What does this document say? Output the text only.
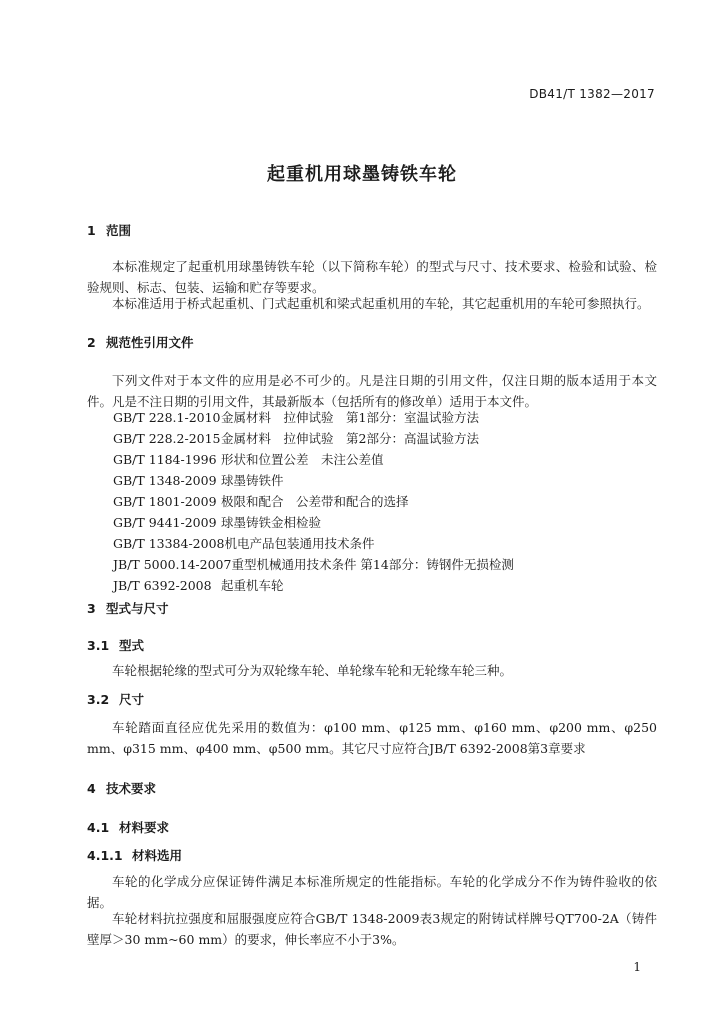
DB41/T 1382—2017
起重机用球墨铸铁车轮
1 范围
本标准规定了起重机用球墨铸铁车轮（以下简称车轮）的型式与尺寸、技术要求、检验和试验、检验规则、标志、包装、运输和贮存等要求。
本标准适用于桥式起重机、门式起重机和梁式起重机用的车轮，其它起重机用的车轮可参照执行。
2 规范性引用文件
下列文件对于本文件的应用是必不可少的。凡是注日期的引用文件，仅注日期的版本适用于本文件。凡是不注日期的引用文件，其最新版本（包括所有的修改单）适用于本文件。
GB/T 228.1-2010金属材料　拉伸试验　第1部分：室温试验方法
GB/T 228.2-2015金属材料　拉伸试验　第2部分：高温试验方法
GB/T 1184-1996 形状和位置公差　未注公差值
GB/T 1348-2009 球墨铸铁件
GB/T 1801-2009 极限和配合　公差带和配合的选择
GB/T 9441-2009 球墨铸铁金相检验
GB/T 13384-2008机电产品包装通用技术条件
JB/T 5000.14-2007重型机械通用技术条件 第14部分：铸钢件无损检测
JB/T 6392-2008 起重机车轮
3 型式与尺寸
3.1 型式
车轮根据轮缘的型式可分为双轮缘车轮、单轮缘车轮和无轮缘车轮三种。
3.2 尺寸
车轮踏面直径应优先采用的数值为：φ100 mm、φ125 mm、φ160 mm、φ200 mm、φ250 mm、φ315 mm、φ400 mm、φ500 mm。其它尺寸应符合JB/T 6392-2008第3章要求
4 技术要求
4.1 材料要求
4.1.1 材料选用
车轮的化学成分应保证铸件满足本标准所规定的性能指标。车轮的化学成分不作为铸件验收的依据。
车轮材料抗拉强度和屈服强度应符合GB/T 1348-2009表3规定的附铸试样牌号QT700-2A（铸件壁厚＞30 mm~60 mm）的要求，伸长率应不小于3%。
1
